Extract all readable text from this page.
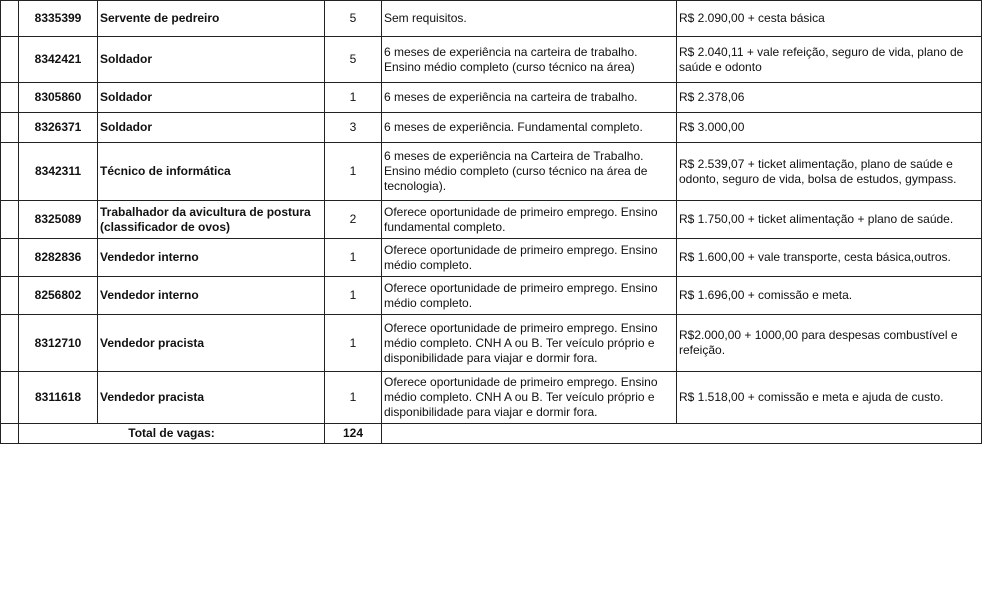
	8335399	Servente de pedreiro	5	Sem requisitos.	R$ 2.090,00 + cesta básica
	8342421	Soldador	5	6 meses de experiência na carteira de trabalho. Ensino médio completo (curso técnico na área)	R$ 2.040,11 + vale refeição, seguro de vida, plano de saúde e odonto
	8305860	Soldador	1	6 meses de experiência na carteira de trabalho.	R$ 2.378,06
	8326371	Soldador	3	6 meses de experiência. Fundamental completo.	R$ 3.000,00
	8342311	Técnico de informática	1	6 meses de experiência na Carteira de Trabalho. Ensino médio completo (curso técnico na área de tecnologia).	R$ 2.539,07 + ticket alimentação, plano de saúde e odonto, seguro de vida, bolsa de estudos, gympass.
	8325089	Trabalhador da avicultura de postura (classificador de ovos)	2	Oferece oportunidade de primeiro emprego. Ensino fundamental completo.	R$ 1.750,00 + ticket alimentação + plano de saúde.
	8282836	Vendedor interno	1	Oferece oportunidade de primeiro emprego. Ensino médio completo.	R$ 1.600,00 + vale transporte, cesta básica,outros.
	8256802	Vendedor interno	1	Oferece oportunidade de primeiro emprego. Ensino médio completo.	R$ 1.696,00 + comissão e meta.
	8312710	Vendedor pracista	1	Oferece oportunidade de primeiro emprego. Ensino médio completo. CNH A ou B. Ter veículo próprio e disponibilidade para viajar e dormir fora.	R$2.000,00 + 1000,00 para despesas combustível e refeição.
	8311618	Vendedor pracista	1	Oferece oportunidade de primeiro emprego. Ensino médio completo. CNH A ou B. Ter veículo próprio e disponibilidade para viajar e dormir fora.	R$ 1.518,00 + comissão e meta e ajuda de custo.
	Total de vagas:		124		
